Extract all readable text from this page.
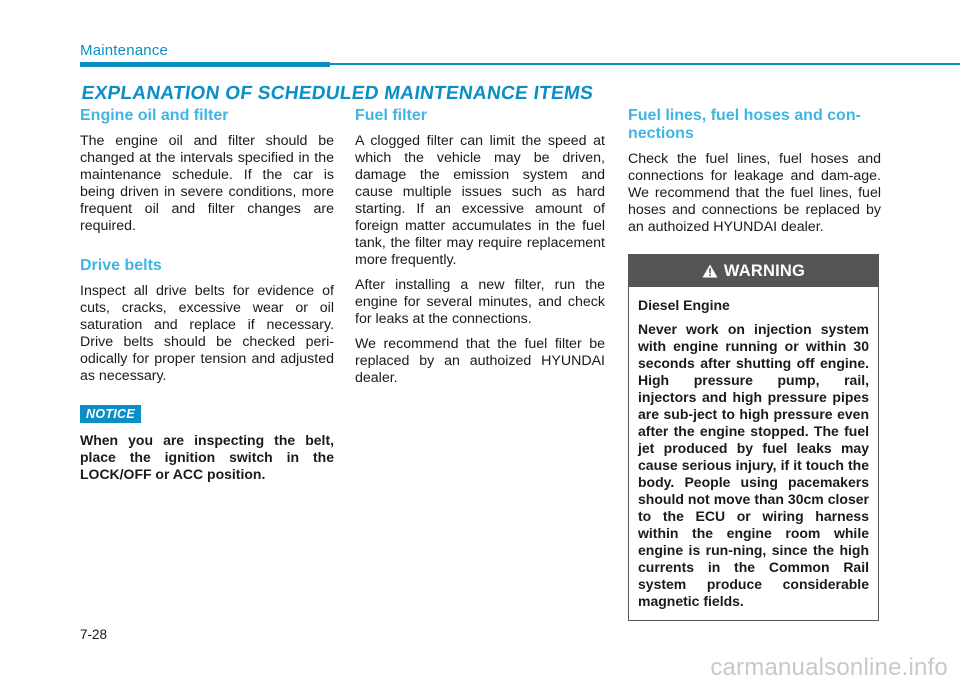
Maintenance
EXPLANATION OF SCHEDULED MAINTENANCE ITEMS
Engine oil and filter

The engine oil and filter should be changed at the intervals specified in the maintenance schedule. If the car is being driven in severe conditions, more frequent oil and filter changes are required.

Drive belts

Inspect all drive belts for evidence of cuts, cracks, excessive wear or oil saturation and replace if necessary. Drive belts should be checked peri-odically for proper tension and adjusted as necessary.

NOTICE

When you are inspecting the belt, place the ignition switch in the LOCK/OFF or ACC position.

Fuel filter

A clogged filter can limit the speed at which the vehicle may be driven, damage the emission system and cause multiple issues such as hard starting. If an excessive amount of foreign matter accumulates in the fuel tank, the filter may require replacement more frequently.

After installing a new filter, run the engine for several minutes, and check for leaks at the connections.

We recommend that the fuel filter be replaced by an authoized HYUNDAI dealer.

Fuel lines, fuel hoses and con-nections

Check the fuel lines, fuel hoses and connections for leakage and dam-age. We recommend that the fuel lines, fuel hoses and connections be replaced by an authoized HYUNDAI dealer.

WARNING

Diesel Engine

Never work on injection system with engine running or within 30 seconds after shutting off engine. High pressure pump, rail, injectors and high pressure pipes are sub-ject to high pressure even after the engine stopped. The fuel jet produced by fuel leaks may cause serious injury, if it touch the body. People using pacemakers should not move than 30cm closer to the ECU or wiring harness within the engine room while engine is run-ning, since the high currents in the Common Rail system produce considerable magnetic fields.

7-28
carmanualsonline.info
